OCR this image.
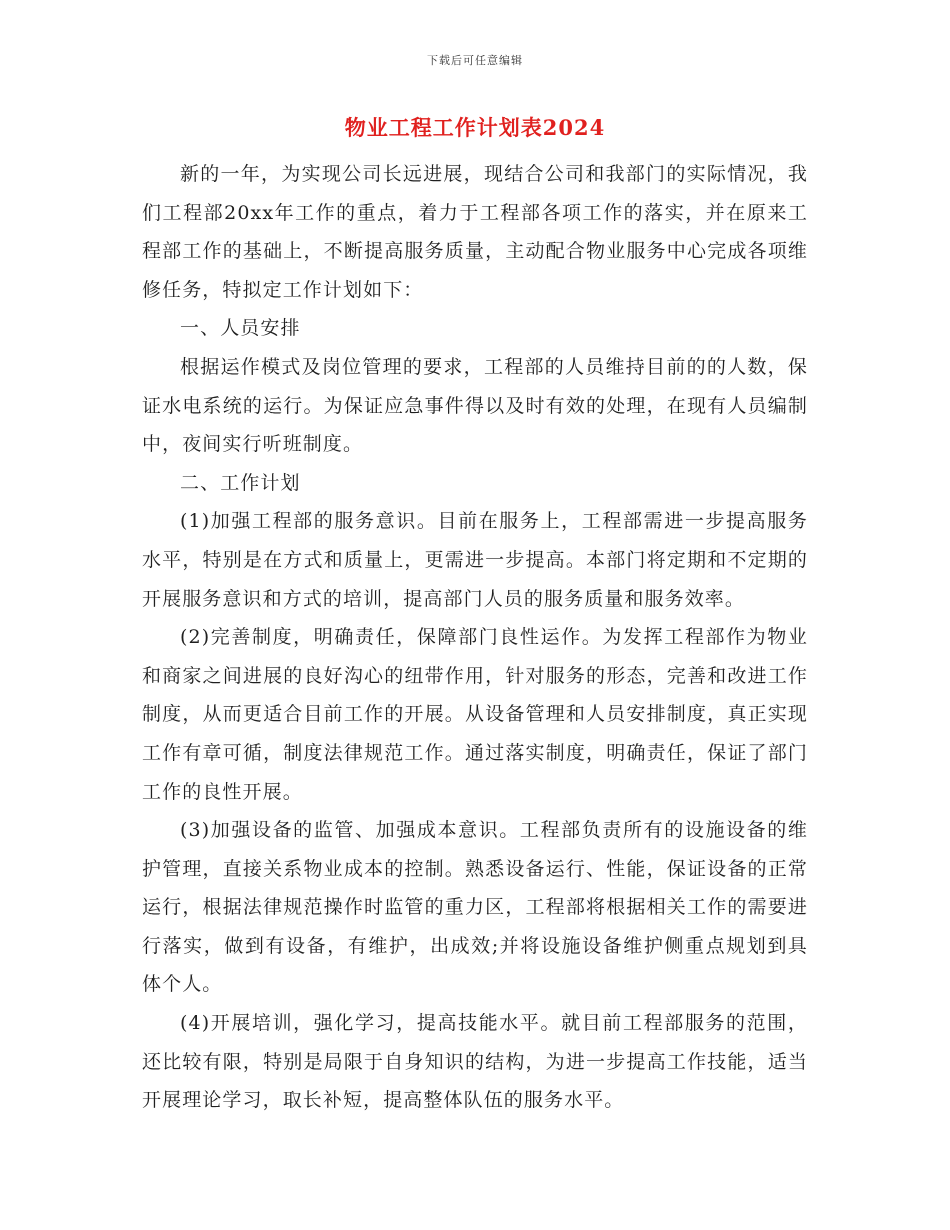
下载后可任意编辑
物业工程工作计划表2024

新的一年，为实现公司长远进展，现结合公司和我部门的实际情况，我们工程部20xx年工作的重点，着力于工程部各项工作的落实，并在原来工程部工作的基础上，不断提高服务质量，主动配合物业服务中心完成各项维修任务，特拟定工作计划如下：

一、人员安排

根据运作模式及岗位管理的要求，工程部的人员维持目前的的人数，保证水电系统的运行。为保证应急事件得以及时有效的处理，在现有人员编制中，夜间实行听班制度。

二、工作计划

(1)加强工程部的服务意识。目前在服务上，工程部需进一步提高服务水平，特别是在方式和质量上，更需进一步提高。本部门将定期和不定期的开展服务意识和方式的培训，提高部门人员的服务质量和服务效率。

(2)完善制度，明确责任，保障部门良性运作。为发挥工程部作为物业和商家之间进展的良好沟心的纽带作用，针对服务的形态，完善和改进工作制度，从而更适合目前工作的开展。从设备管理和人员安排制度，真正实现工作有章可循，制度法律规范工作。通过落实制度，明确责任，保证了部门工作的良性开展。

(3)加强设备的监管、加强成本意识。工程部负责所有的设施设备的维护管理，直接关系物业成本的控制。熟悉设备运行、性能，保证设备的正常运行，根据法律规范操作时监管的重力区，工程部将根据相关工作的需要进行落实，做到有设备，有维护，出成效;并将设施设备维护侧重点规划到具体个人。

(4)开展培训，强化学习，提高技能水平。就目前工程部服务的范围，还比较有限，特别是局限于自身知识的结构，为进一步提高工作技能，适当开展理论学习，取长补短，提高整体队伍的服务水平。
